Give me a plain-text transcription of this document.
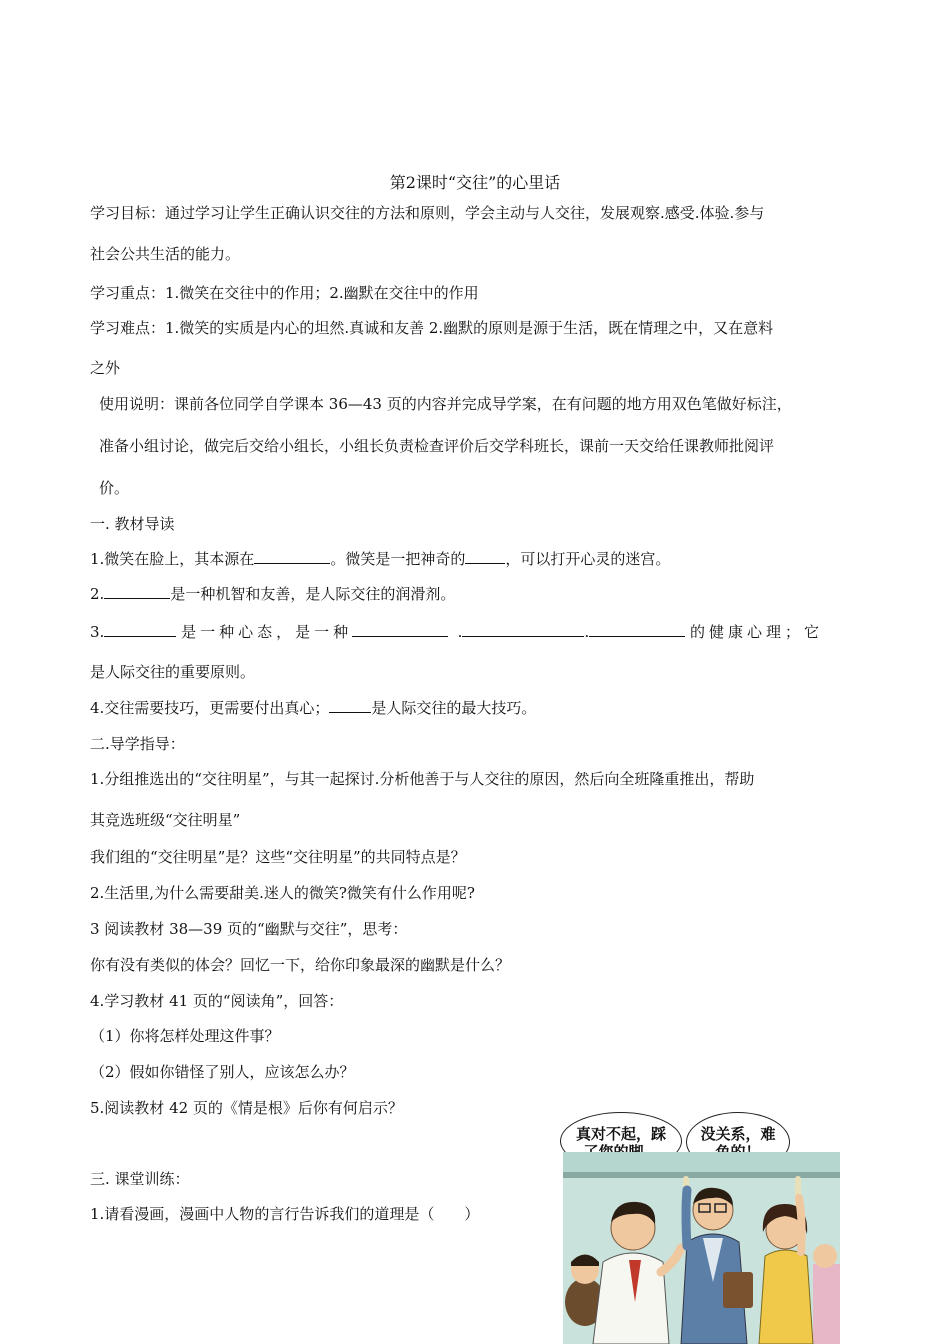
第2课时“交往”的心里话
学习目标：通过学习让学生正确认识交往的方法和原则，学会主动与人交往，发展观察.感受.体验.参与
社会公共生活的能力。
学习重点：1.微笑在交往中的作用；2.幽默在交往中的作用
学习难点：1.微笑的实质是内心的坦然.真诚和友善 2.幽默的原则是源于生活，既在情理之中，又在意料
之外
使用说明：课前各位同学自学课本 36—43 页的内容并完成导学案，在有问题的地方用双色笔做好标注，
准备小组讨论，做完后交给小组长，小组长负责检查评价后交学科班长，课前一天交给任课教师批阅评
价。
一. 教材导读
1.微笑在脸上，其本源在	。微笑是一把神奇的	，可以打开心灵的迷宫。
2.	是一种机智和友善，是人际交往的润滑剂。
3.	是一种心态，是一种	.	.	的健康心理；它
是人际交往的重要原则。
4.交往需要技巧，更需要付出真心；	是人际交往的最大技巧。
二.导学指导：
1.分组推选出的“交往明星”，与其一起探讨.分析他善于与人交往的原因，然后向全班隆重推出，帮助
其竞选班级“交往明星”
我们组的“交往明星”是？这些“交往明星”的共同特点是？
2.生活里,为什么需要甜美.迷人的微笑?微笑有什么作用呢?
3 阅读教材 38—39 页的“幽默与交往”，思考：
你有没有类似的体会？回忆一下，给你印象最深的幽默是什么？
4.学习教材 41 页的“阅读角”，回答：
（1）你将怎样处理这件事？
（2）假如你错怪了别人，应该怎么办？
5.阅读教材 42 页的《情是根》后你有何启示？
三. 课堂训练：
1.请看漫画，漫画中人物的言行告诉我们的道理是（　　）
真对不起，踩	没关系，难
